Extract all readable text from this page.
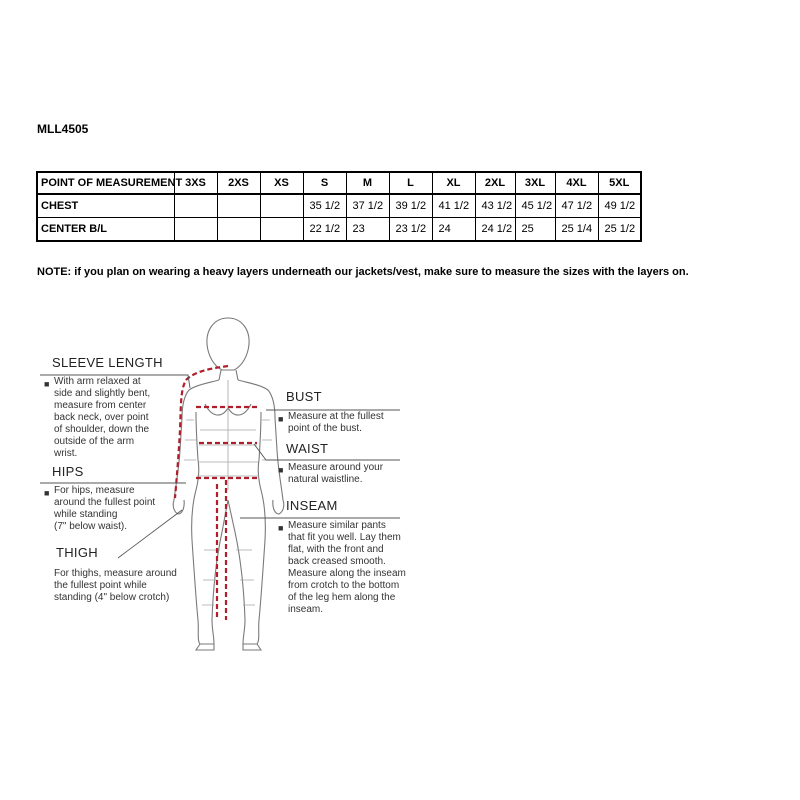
MLL4505
POINT OF MEASUREMENT	3XS	2XS	XS	S	M	L	XL	2XL	3XL	4XL	5XL
CHEST				35 1/2	37 1/2	39 1/2	41 1/2	43 1/2	45 1/2	47 1/2	49 1/2
CENTER B/L				22 1/2	23	23 1/2	24	24 1/2	25	25 1/4	25 1/2
NOTE: if you plan on wearing a heavy layers underneath our jackets/vest, make sure to measure the sizes with the layers on.
SLEEVE LENGTH
■ With arm relaxed at
side and slightly bent,
measure from center
back neck, over point
of shoulder, down the
outside of the arm
wrist.
HIPS
■ For hips, measure
around the fullest point
while standing
(7" below waist).
THIGH
For thighs, measure around
the fullest point while
standing (4" below crotch)
BUST
■ Measure at the fullest
point of the bust.
WAIST
■ Measure around your
natural waistline.
INSEAM
■ Measure similar pants
that fit you well. Lay them
flat, with the front and
back creased smooth.
Measure along the inseam
from crotch to the bottom
of the leg hem along the
inseam.
